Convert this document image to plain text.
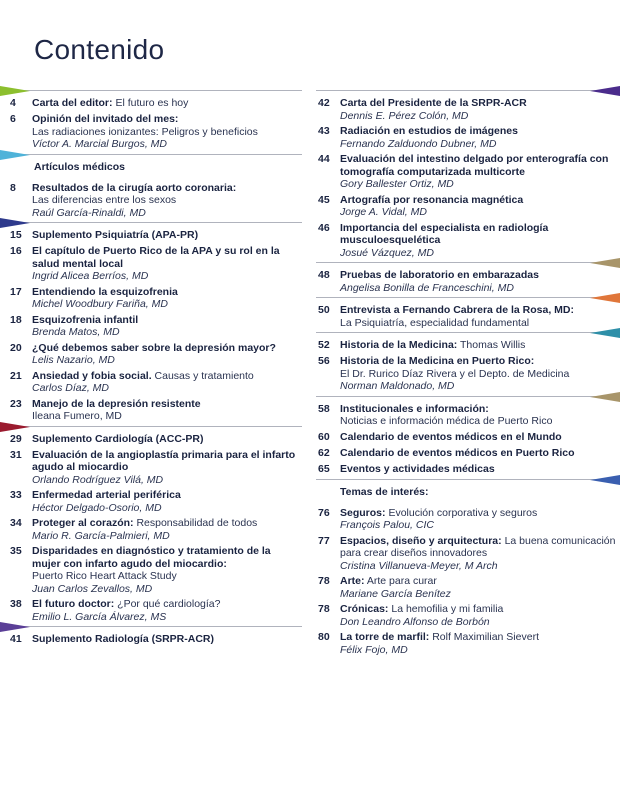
Contenido
4	Carta del editor: El futuro es hoy
6	Opinión del invitado del mes:
Las radiaciones ionizantes: Peligros y beneficios
Víctor A. Marcial Burgos, MD
Artículos médicos
8	Resultados de la cirugía aorto coronaria:
Las diferencias entre los sexos
Raúl García-Rinaldi, MD
15 Suplemento Psiquiatría (APA-PR)
16 El capítulo de Puerto Rico de la APA y su rol en la salud mental local
Ingrid Alicea Berríos, MD
17 Entendiendo la esquizofrenia
Michel Woodbury Fariña, MD
18 Esquizofrenia infantil
Brenda Matos, MD
20 ¿Qué debemos saber sobre la depresión mayor?
Lelis Nazario, MD
21 Ansiedad y fobia social. Causas y tratamiento
Carlos Díaz, MD
23 Manejo de la depresión resistente
Ileana Fumero, MD
29 Suplemento Cardiología (ACC-PR)
31 Evaluación de la angioplastía primaria para el infarto agudo al miocardio
Orlando Rodríguez Vilá, MD
33 Enfermedad arterial periférica
Héctor Delgado-Osorio, MD
34 Proteger al corazón: Responsabilidad de todos
Mario R. García-Palmieri, MD
35 Disparidades en diagnóstico y tratamiento de la mujer con infarto agudo del miocardio:
Puerto Rico Heart Attack Study
Juan Carlos Zevallos, MD
38 El futuro doctor: ¿Por qué cardiología?
Emilio L. García Álvarez, MS
41 Suplemento Radiología (SRPR-ACR)
42 Carta del Presidente de la SRPR-ACR
Dennis E. Pérez Colón, MD
43 Radiación en estudios de imágenes
Fernando Zalduondo Dubner, MD
44 Evaluación del intestino delgado por enterografía con tomografía computarizada multicorte
Gory Ballester Ortiz, MD
45 Artografía por resonancia magnética
Jorge A. Vidal, MD
46 Importancia del especialista en radiología musculoesquelética
Josué Vázquez, MD
48 Pruebas de laboratorio en embarazadas
Angelisa Bonilla de Franceschini, MD
50 Entrevista a Fernando Cabrera de la Rosa, MD:
La Psiquiatría, especialidad fundamental
52 Historia de la Medicina: Thomas Willis
56 Historia de la Medicina en Puerto Rico:
El Dr. Rurico Díaz Rivera y el Depto. de Medicina
Norman Maldonado, MD
58 Institucionales e información:
Noticias e información médica de Puerto Rico
60 Calendario de eventos médicos en el Mundo
62 Calendario de eventos médicos en Puerto Rico
65 Eventos y actividades médicas
Temas de interés:
76 Seguros: Evolución corporativa y seguros
François Palou, CIC
77 Espacios, diseño y arquitectura: La buena comunicación para crear diseños innovadores
Cristina Villanueva-Meyer, M Arch
78 Arte: Arte para curar
Mariane García Benítez
78 Crónicas: La hemofilia y mi familia
Don Leandro Alfonso de Borbón
80 La torre de marfil: Rolf Maximilian Sievert
Félix Fojo, MD
